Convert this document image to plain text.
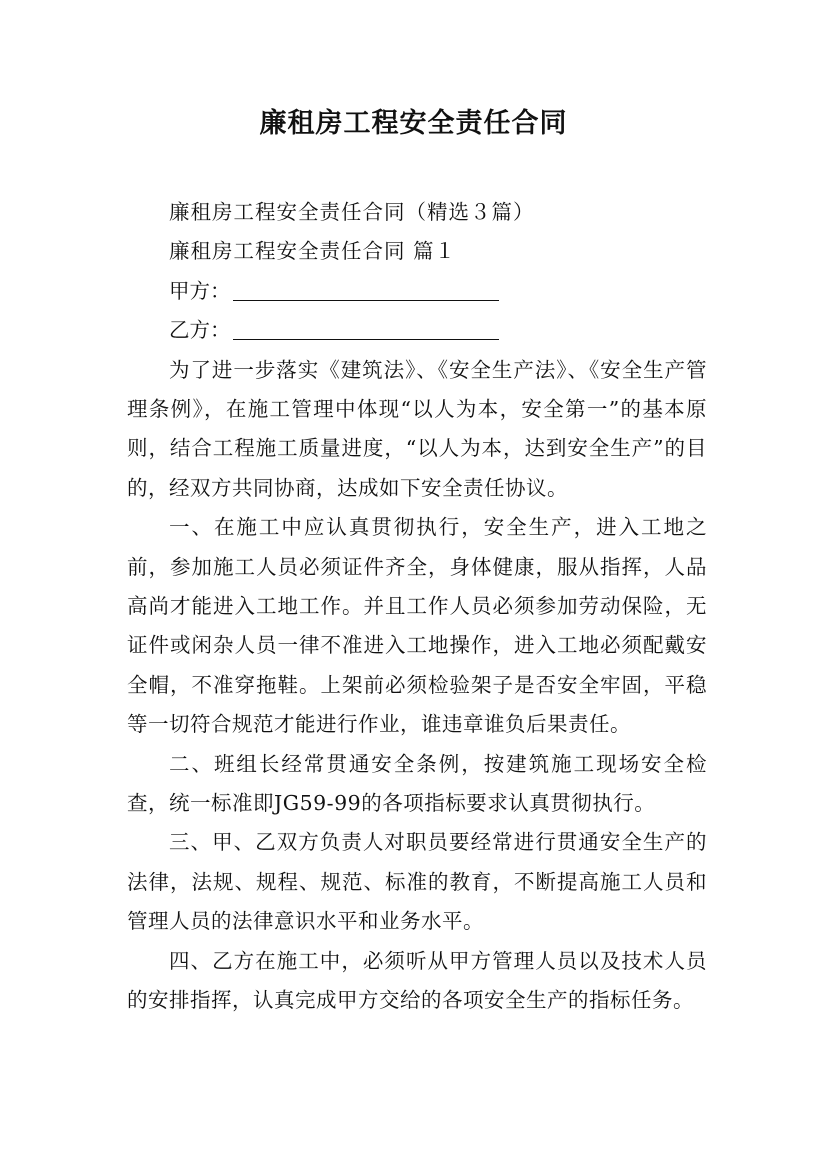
廉租房工程安全责任合同

廉租房工程安全责任合同（精选３篇）

廉租房工程安全责任合同 篇１

甲方：
乙方：

为了进一步落实《建筑法》、《安全生产法》、《安全生产管理条例》，在施工管理中体现“以人为本，安全第一”的基本原则，结合工程施工质量进度，“以人为本，达到安全生产”的目的，经双方共同协商，达成如下安全责任协议。

一、在施工中应认真贯彻执行，安全生产，进入工地之前，参加施工人员必须证件齐全，身体健康，服从指挥，人品高尚才能进入工地工作。并且工作人员必须参加劳动保险，无证件或闲杂人员一律不准进入工地操作，进入工地必须配戴安全帽，不准穿拖鞋。上架前必须检验架子是否安全牢固，平稳等一切符合规范才能进行作业，谁违章谁负后果责任。

二、班组长经常贯通安全条例，按建筑施工现场安全检查，统一标准即JG59-99的各项指标要求认真贯彻执行。

三、甲、乙双方负责人对职员要经常进行贯通安全生产的法律，法规、规程、规范、标准的教育，不断提高施工人员和管理人员的法律意识水平和业务水平。

四、乙方在施工中，必须听从甲方管理人员以及技术人员的安排指挥，认真完成甲方交给的各项安全生产的指标任务。
